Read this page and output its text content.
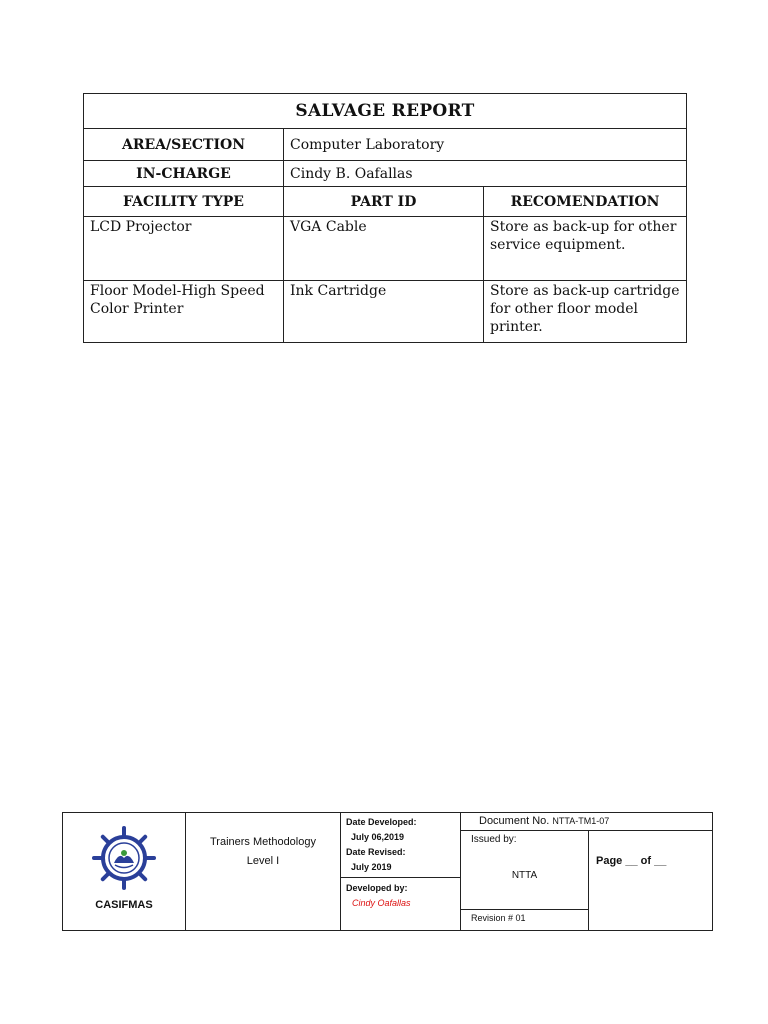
SALVAGE REPORT		
AREA/SECTION	Computer Laboratory	
IN-CHARGE	Cindy B. Oafallas	
FACILITY TYPE	PART ID	RECOMENDATION
LCD Projector	VGA Cable	Store as back-up for other service equipment.
Floor Model-High Speed Color Printer	Ink Cartridge	Store as back-up cartridge for other floor model printer.
CASIFMAS

Trainers Methodology
Level I

Date Developed:
July 06,2019
Date Revised:
July 2019
Developed by:
Cindy Oafallas

Document No. NTTA-TM1-07
Issued by:
NTTA
Revision # 01
Page __ of __
